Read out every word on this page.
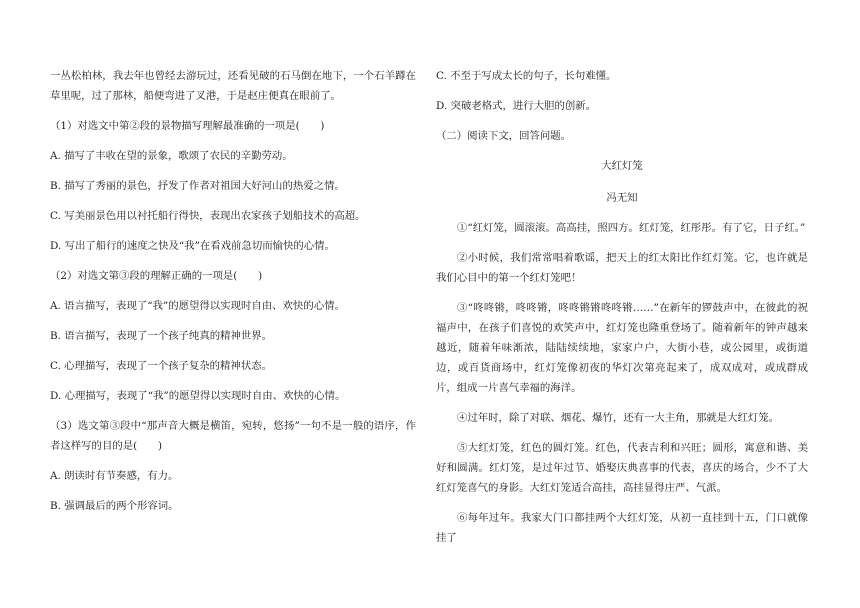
一丛松柏林，我去年也曾经去游玩过，还看见破的石马倒在地下，一个石羊蹲在草里呢，过了那林，船便弯进了叉港，于是赵庄便真在眼前了。

（1）对选文中第②段的景物描写理解最准确的一项是(　　)

A. 描写了丰收在望的景象，歌颂了农民的辛勤劳动。

B. 描写了秀丽的景色，抒发了作者对祖国大好河山的热爱之情。

C. 写美丽景色用以衬托船行得快，表现出农家孩子划船技术的高超。

D. 写出了船行的速度之快及“我”在看戏前急切而愉快的心情。

（2）对选文第③段的理解正确的一项是(　　)

A. 语言描写，表现了“我”的愿望得以实现时自由、欢快的心情。

B. 语言描写，表现了一个孩子纯真的精神世界。

C. 心理描写，表现了一个孩子复杂的精神状态。

D. 心理描写，表现了“我”的愿望得以实现时自由、欢快的心情。

（3）选文第③段中“那声音大概是横笛，宛转，悠扬”一句不是一般的语序，作者这样写的目的是(　　)

A. 朗读时有节奏感，有力。

B. 强调最后的两个形容词。

C. 不至于写成太长的句子，长句难懂。

D. 突破老格式，进行大胆的创新。

（二）阅读下文，回答问题。

大红灯笼

冯无知

①“红灯笼，圆滚滚。高高挂，照四方。红灯笼，红彤彤。有了它，日子红。”

②小时候，我们常常唱着歌谣，把天上的红太阳比作红灯笼。它，也许就是我们心目中的第一个红灯笼吧！

③“咚咚锵，咚咚锵，咚咚锵锵咚咚锵……”在新年的锣鼓声中，在彼此的祝福声中，在孩子们喜悦的欢笑声中，红灯笼也隆重登场了。随着新年的钟声越来越近，随着年味渐浓，陆陆续续地，家家户户，大街小巷，或公园里，或街道边，或百货商场中，红灯笼像初夜的华灯次第亮起来了，成双成对，或成群成片，组成一片喜气幸福的海洋。

④过年时，除了对联、烟花、爆竹，还有一大主角，那就是大红灯笼。

⑤大红灯笼，红色的圆灯笼。红色，代表吉利和兴旺；圆形，寓意和谐、美好和圆满。红灯笼，是过年过节、婚娶庆典喜事的代表，喜庆的场合，少不了大红灯笼喜气的身影。大红灯笼适合高挂，高挂显得庄严、气派。

⑥每年过年。我家大门口都挂两个大红灯笼，从初一直挂到十五，门口就像挂了
